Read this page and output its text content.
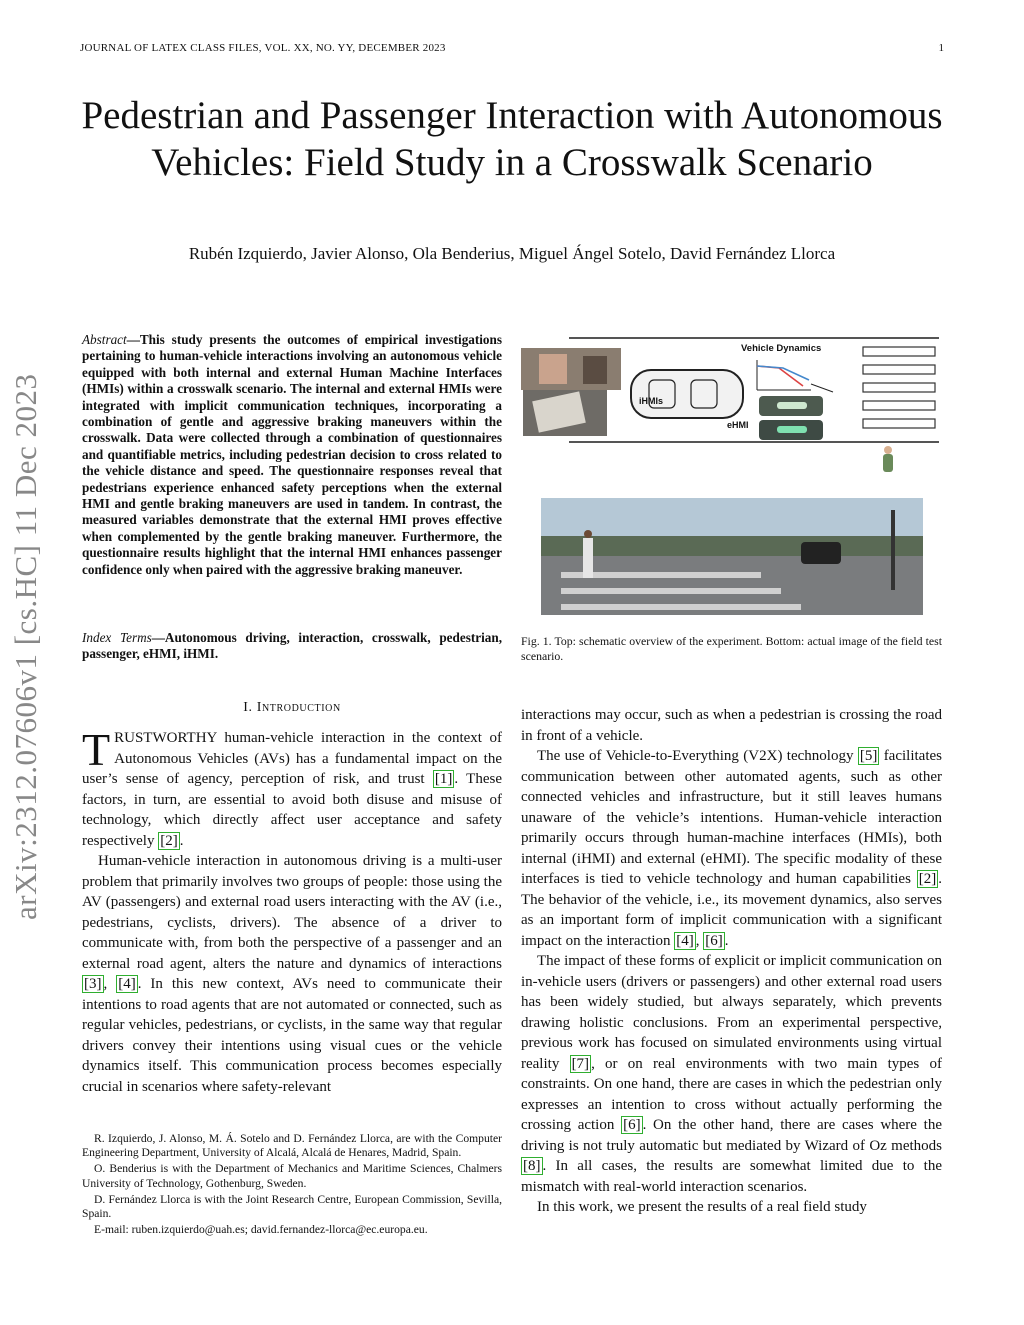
JOURNAL OF LATEX CLASS FILES, VOL. XX, NO. YY, DECEMBER 2023	1
Pedestrian and Passenger Interaction with Autonomous Vehicles: Field Study in a Crosswalk Scenario
Rubén Izquierdo, Javier Alonso, Ola Benderius, Miguel Ángel Sotelo, David Fernández Llorca
arXiv:2312.07606v1 [cs.HC] 11 Dec 2023
Abstract—This study presents the outcomes of empirical investigations pertaining to human-vehicle interactions involving an autonomous vehicle equipped with both internal and external Human Machine Interfaces (HMIs) within a crosswalk scenario. The internal and external HMIs were integrated with implicit communication techniques, incorporating a combination of gentle and aggressive braking maneuvers within the crosswalk. Data were collected through a combination of questionnaires and quantifiable metrics, including pedestrian decision to cross related to the vehicle distance and speed. The questionnaire responses reveal that pedestrians experience enhanced safety perceptions when the external HMI and gentle braking maneuvers are used in tandem. In contrast, the measured variables demonstrate that the external HMI proves effective when complemented by the gentle braking maneuver. Furthermore, the questionnaire results highlight that the internal HMI enhances passenger confidence only when paired with the aggressive braking maneuver.
Index Terms—Autonomous driving, interaction, crosswalk, pedestrian, passenger, eHMI, iHMI.
I. Introduction

TRUSTWORTHY human-vehicle interaction in the context of Autonomous Vehicles (AVs) has a fundamental impact on the user’s sense of agency, perception of risk, and trust [1] . These factors, in turn, are essential to avoid both disuse and misuse of technology, which directly affect user acceptance and safety respectively [2] .

Human-vehicle interaction in autonomous driving is a multi-user problem that primarily involves two groups of people: those using the AV (passengers) and external road users interacting with the AV (i.e., pedestrians, cyclists, drivers). The absence of a driver to communicate with, from both the perspective of a passenger and an external road agent, alters the nature and dynamics of interactions [3] , [4] . In this new context, AVs need to communicate their intentions to road agents that are not automated or connected, such as regular vehicles, pedestrians, or cyclists, in the same way that regular drivers convey their intentions using visual cues or the vehicle dynamics itself. This communication process becomes especially crucial in scenarios where safety-relevant

R. Izquierdo, J. Alonso, M. Á. Sotelo and D. Fernández Llorca, are with the Computer Engineering Department, University of Alcalá, Alcalá de Henares, Madrid, Spain.

O. Benderius is with the Department of Mechanics and Maritime Sciences, Chalmers University of Technology, Gothenburg, Sweden.

D. Fernández Llorca is with the Joint Research Centre, European Commission, Sevilla, Spain.

E-mail: ruben.izquierdo@uah.es; david.fernandez-llorca@ec.europa.eu.

Vehicle Dynamics
iHMIs
eHMI
Fig. 1. Top: schematic overview of the experiment. Bottom: actual image of the field test scenario.

interactions may occur, such as when a pedestrian is crossing the road in front of a vehicle.

The use of Vehicle-to-Everything (V2X) technology [5] facilitates communication between other automated agents, such as other connected vehicles and infrastructure, but it still leaves humans unaware of the vehicle’s intentions. Human-vehicle interaction primarily occurs through human-machine interfaces (HMIs), both internal (iHMI) and external (eHMI). The specific modality of these interfaces is tied to vehicle technology and human capabilities [2] . The behavior of the vehicle, i.e., its movement dynamics, also serves as an important form of implicit communication with a significant impact on the interaction [4] , [6] .

The impact of these forms of explicit or implicit communication on in-vehicle users (drivers or passengers) and other external road users has been widely studied, but always separately, which prevents drawing holistic conclusions. From an experimental perspective, previous work has focused on simulated environments using virtual reality [7] , or on real environments with two main types of constraints. On one hand, there are cases in which the pedestrian only expresses an intention to cross without actually performing the crossing action [6] . On the other hand, there are cases where the driving is not truly automatic but mediated by Wizard of Oz methods [8] . In all cases, the results are somewhat limited due to the mismatch with real-world interaction scenarios.

In this work, we present the results of a real field study
